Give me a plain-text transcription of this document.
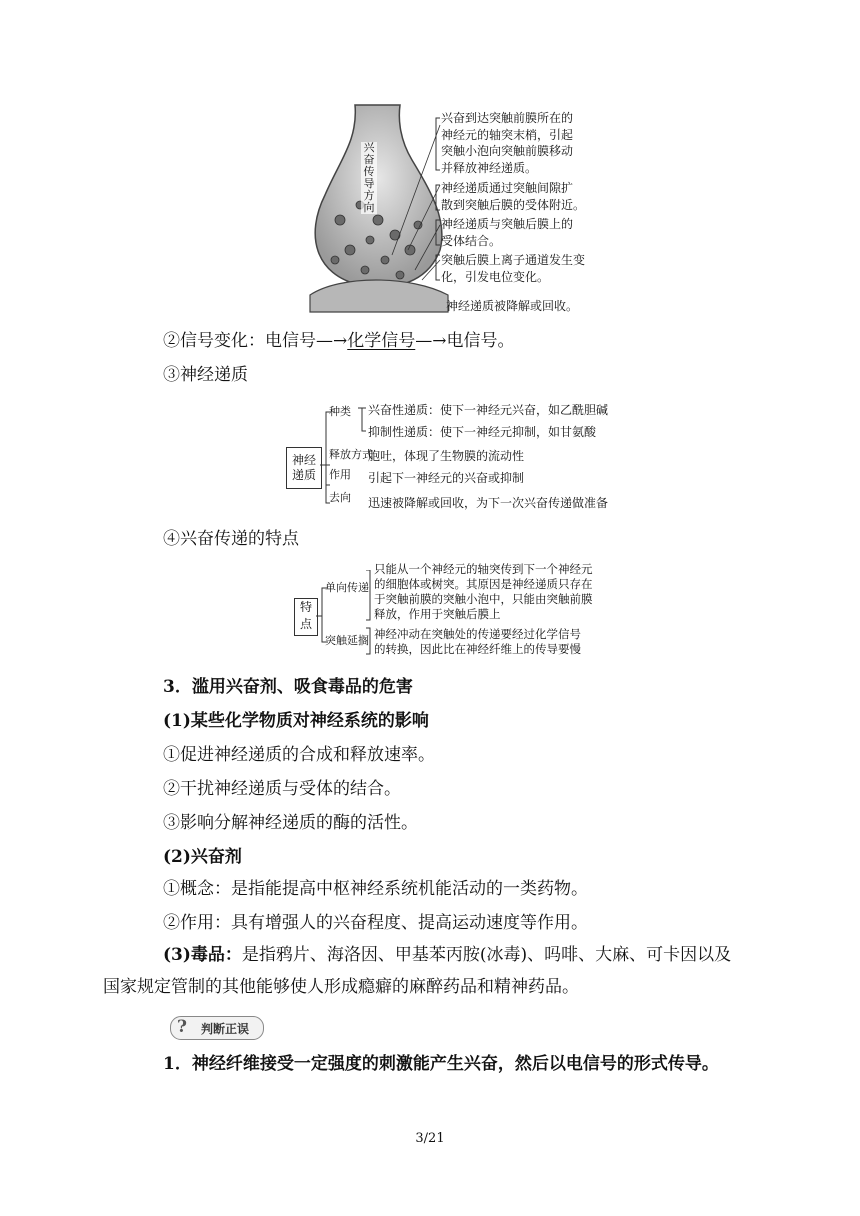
兴奋传导方向
兴奋到达突触前膜所在的
神经元的轴突末梢，引起
突触小泡向突触前膜移动
并释放神经递质。
神经递质通过突触间隙扩
散到突触后膜的受体附近。
神经递质与突触后膜上的
受体结合。
突触后膜上离子通道发生变
化，引发电位变化。
神经递质被降解或回收。
②信号变化：电信号—→化学信号—→电信号。
③神经递质
神经递质
种类 兴奋性递质：使下一神经元兴奋，如乙酰胆碱
抑制性递质：使下一神经元抑制，如甘氨酸
释放方式
胞吐，体现了生物膜的流动性
作用 引起下一神经元的兴奋或抑制
去向 迅速被降解或回收，为下一次兴奋传递做准备
④兴奋传递的特点
特点
单向传递
只能从一个神经元的轴突传到下一个神经元
的细胞体或树突。其原因是神经递质只存在
于突触前膜的突触小泡中，只能由突触前膜
释放，作用于突触后膜上
突触延搁 神经冲动在突触处的传递要经过化学信号
的转换，因此比在神经纤维上的传导要慢
3．滥用兴奋剂、吸食毒品的危害
(1)某些化学物质对神经系统的影响
①促进神经递质的合成和释放速率。
②干扰神经递质与受体的结合。
③影响分解神经递质的酶的活性。
(2)兴奋剂
①概念：是指能提高中枢神经系统机能活动的一类药物。
②作用：具有增强人的兴奋程度、提高运动速度等作用。
(3)毒品：是指鸦片、海洛因、甲基苯丙胺(冰毒)、吗啡、大麻、可卡因以及
国家规定管制的其他能够使人形成瘾癖的麻醉药品和精神药品。
? 判断正误
1．神经纤维接受一定强度的刺激能产生兴奋，然后以电信号的形式传导。
3/21
